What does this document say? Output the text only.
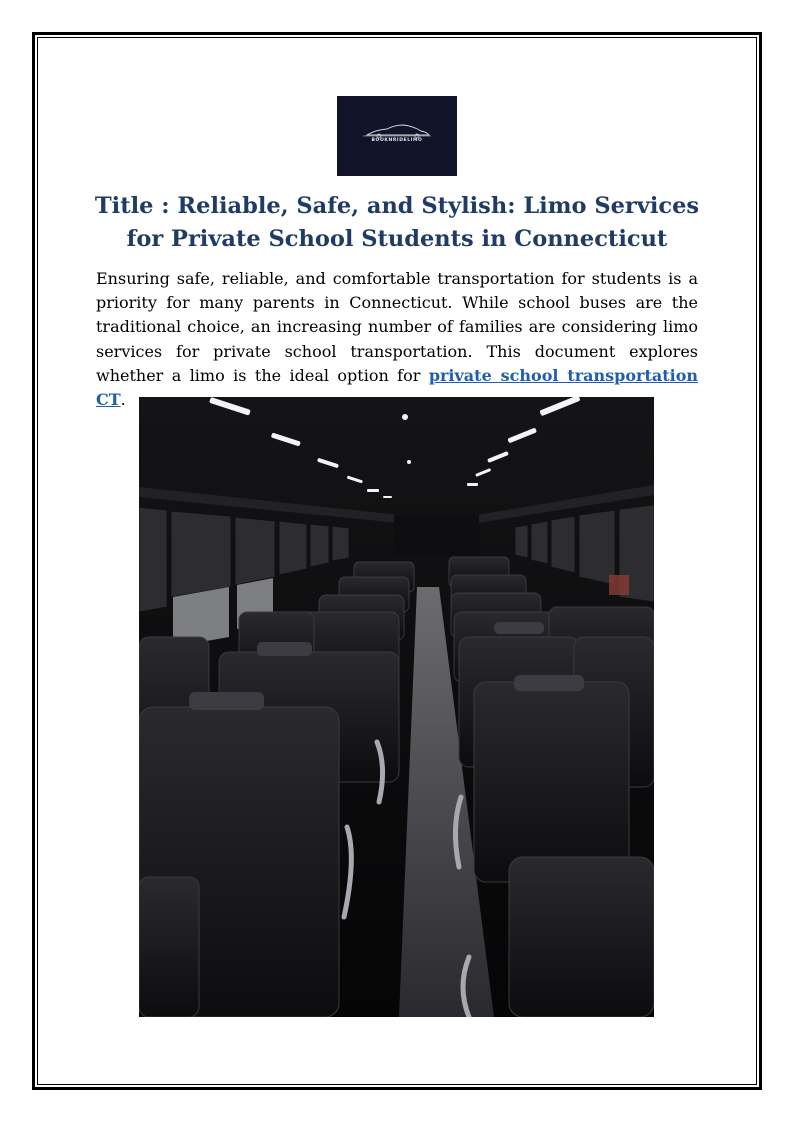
BOOKNRIDELIMO
Title : Reliable, Safe, and Stylish: Limo Services
for Private School Students in Connecticut
Ensuring safe, reliable, and comfortable transportation for students is a priority for many parents in Connecticut. While school buses are the traditional choice, an increasing number of families are considering limo services for private school transportation. This document explores whether a limo is the ideal option for private school transportation CT.
